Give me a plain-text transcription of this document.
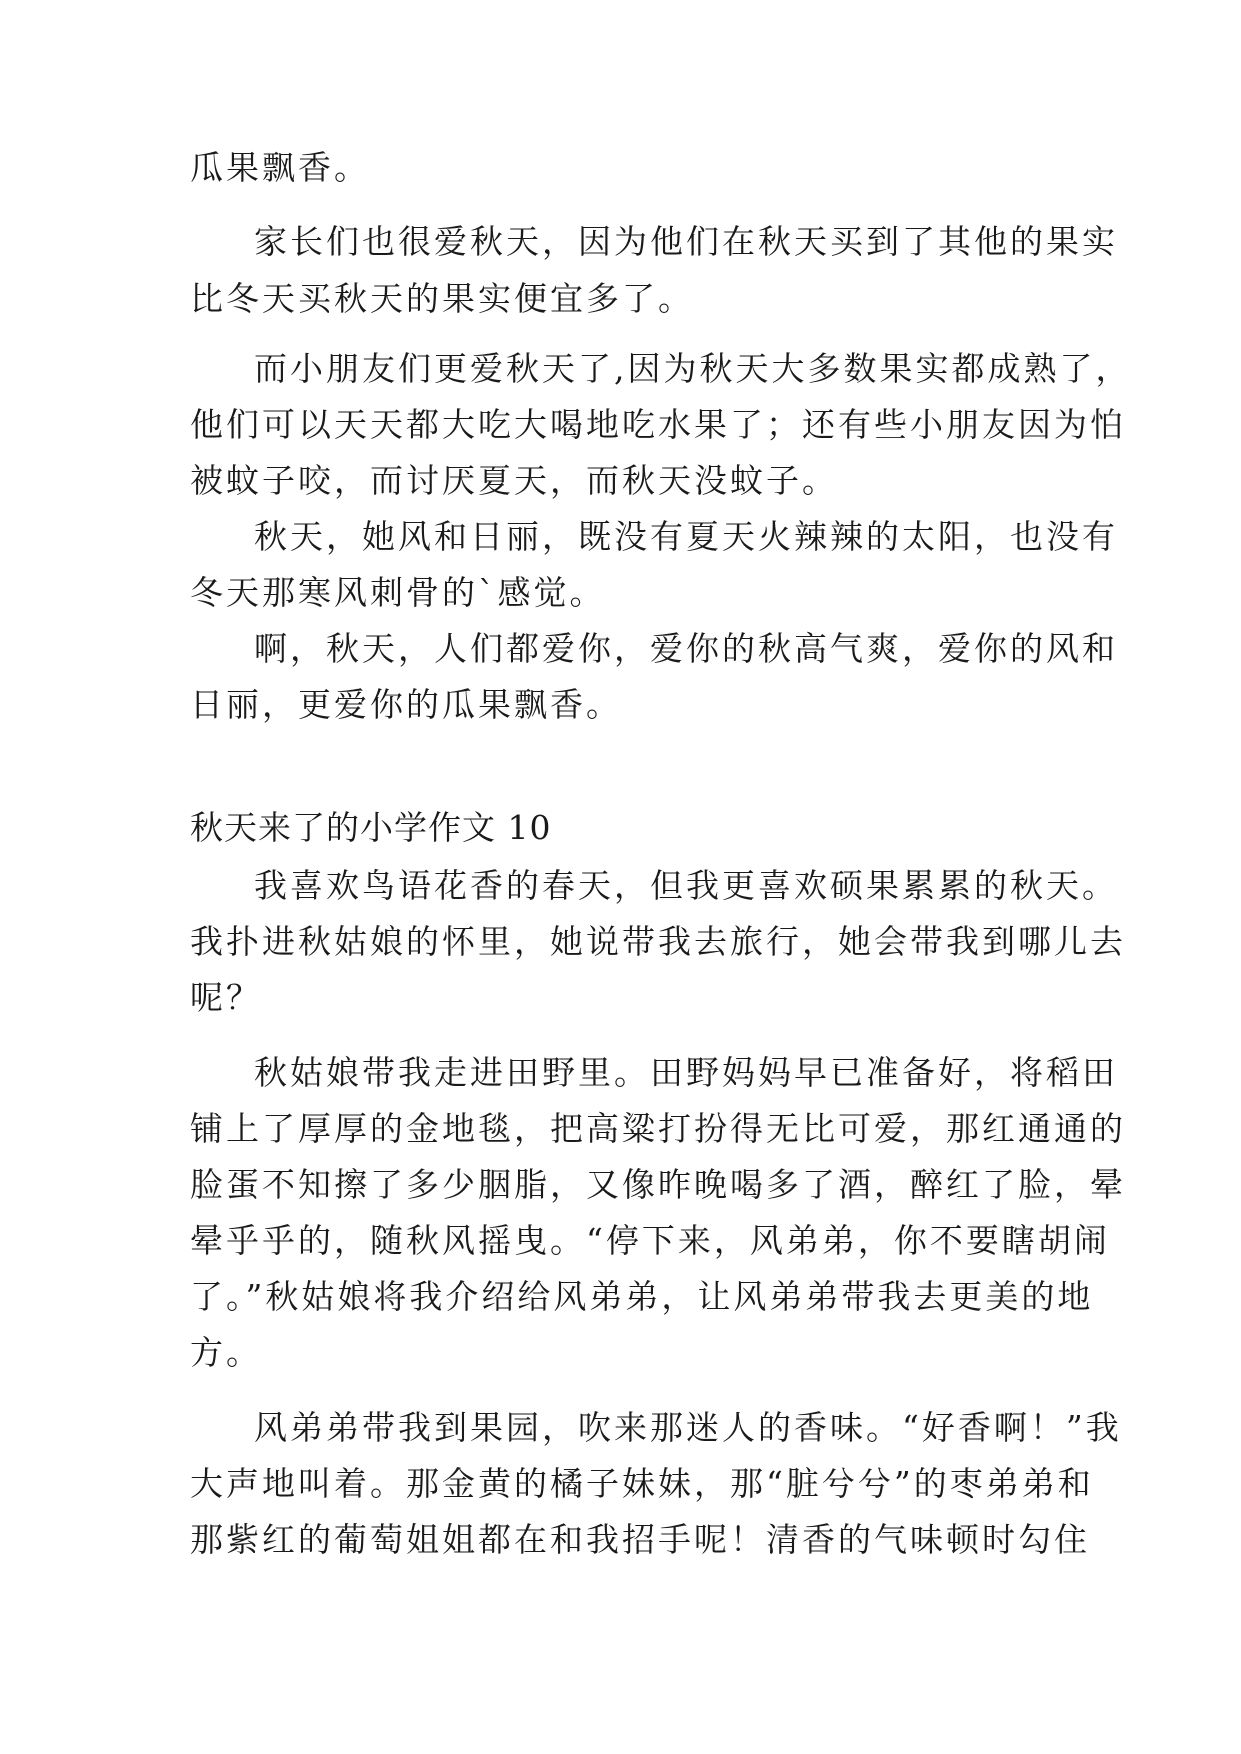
瓜果飘香。
家长们也很爱秋天，因为他们在秋天买到了其他的果实
比冬天买秋天的果实便宜多了。
而小朋友们更爱秋天了,因为秋天大多数果实都成熟了，
他们可以天天都大吃大喝地吃水果了；还有些小朋友因为怕
被蚊子咬，而讨厌夏天，而秋天没蚊子。
秋天，她风和日丽，既没有夏天火辣辣的太阳，也没有
冬天那寒风刺骨的`感觉。
啊，秋天，人们都爱你，爱你的秋高气爽，爱你的风和
日丽，更爱你的瓜果飘香。
秋天来了的小学作文 10
我喜欢鸟语花香的春天，但我更喜欢硕果累累的秋天。
我扑进秋姑娘的怀里，她说带我去旅行，她会带我到哪儿去
呢？
秋姑娘带我走进田野里。田野妈妈早已准备好，将稻田
铺上了厚厚的金地毯，把高粱打扮得无比可爱，那红通通的
脸蛋不知擦了多少胭脂，又像昨晚喝多了酒，醉红了脸，晕
晕乎乎的，随秋风摇曳。“停下来，风弟弟，你不要瞎胡闹
了。”秋姑娘将我介绍给风弟弟，让风弟弟带我去更美的地
方。
风弟弟带我到果园，吹来那迷人的香味。“好香啊！”我
大声地叫着。那金黄的橘子妹妹，那“脏兮兮”的枣弟弟和
那紫红的葡萄姐姐都在和我招手呢！清香的气味顿时勾住
